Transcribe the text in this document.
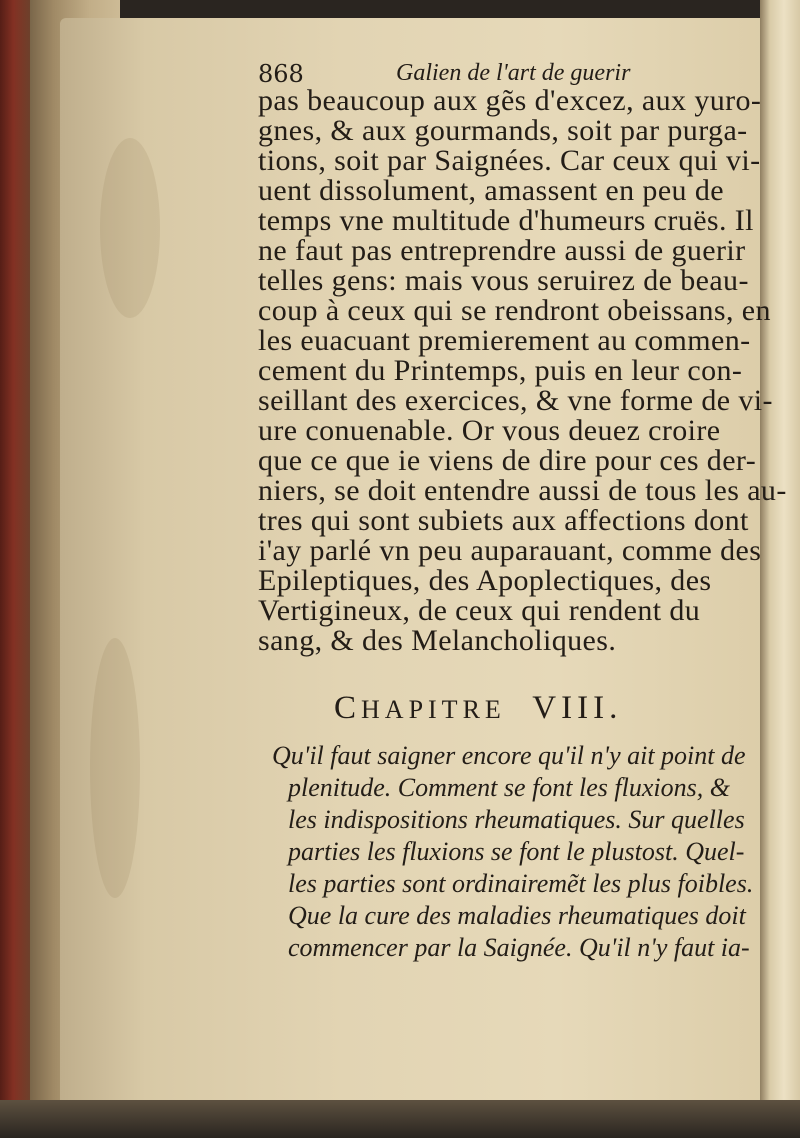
868	Galien de l'art de guerir
pas beaucoup aux gẽs d'excez, aux yuro-
gnes, & aux gourmands, soit par purga-
tions, soit par Saignées. Car ceux qui vi-
uent dissolument, amassent en peu de
temps vne multitude d'humeurs cruës. Il
ne faut pas entreprendre aussi de guerir
telles gens: mais vous seruirez de beau-
coup à ceux qui se rendront obeissans, en
les euacuant premierement au commen-
cement du Printemps, puis en leur con-
seillant des exercices, & vne forme de vi-
ure conuenable. Or vous deuez croire
que ce que ie viens de dire pour ces der-
niers, se doit entendre aussi de tous les au-
tres qui sont subiets aux affections dont
i'ay parlé vn peu auparauant, comme des
Epileptiques, des Apoplectiques, des
Vertigineux, de ceux qui rendent du
sang, & des Melancholiques.
CHAPITRE VIII.
Qu'il faut saigner encore qu'il n'y ait point de
plenitude. Comment se font les fluxions, &
les indispositions rheumatiques. Sur quelles
parties les fluxions se font le plustost. Quel-
les parties sont ordinairemẽt les plus foibles.
Que la cure des maladies rheumatiques doit
commencer par la Saignée. Qu'il n'y faut ia-
